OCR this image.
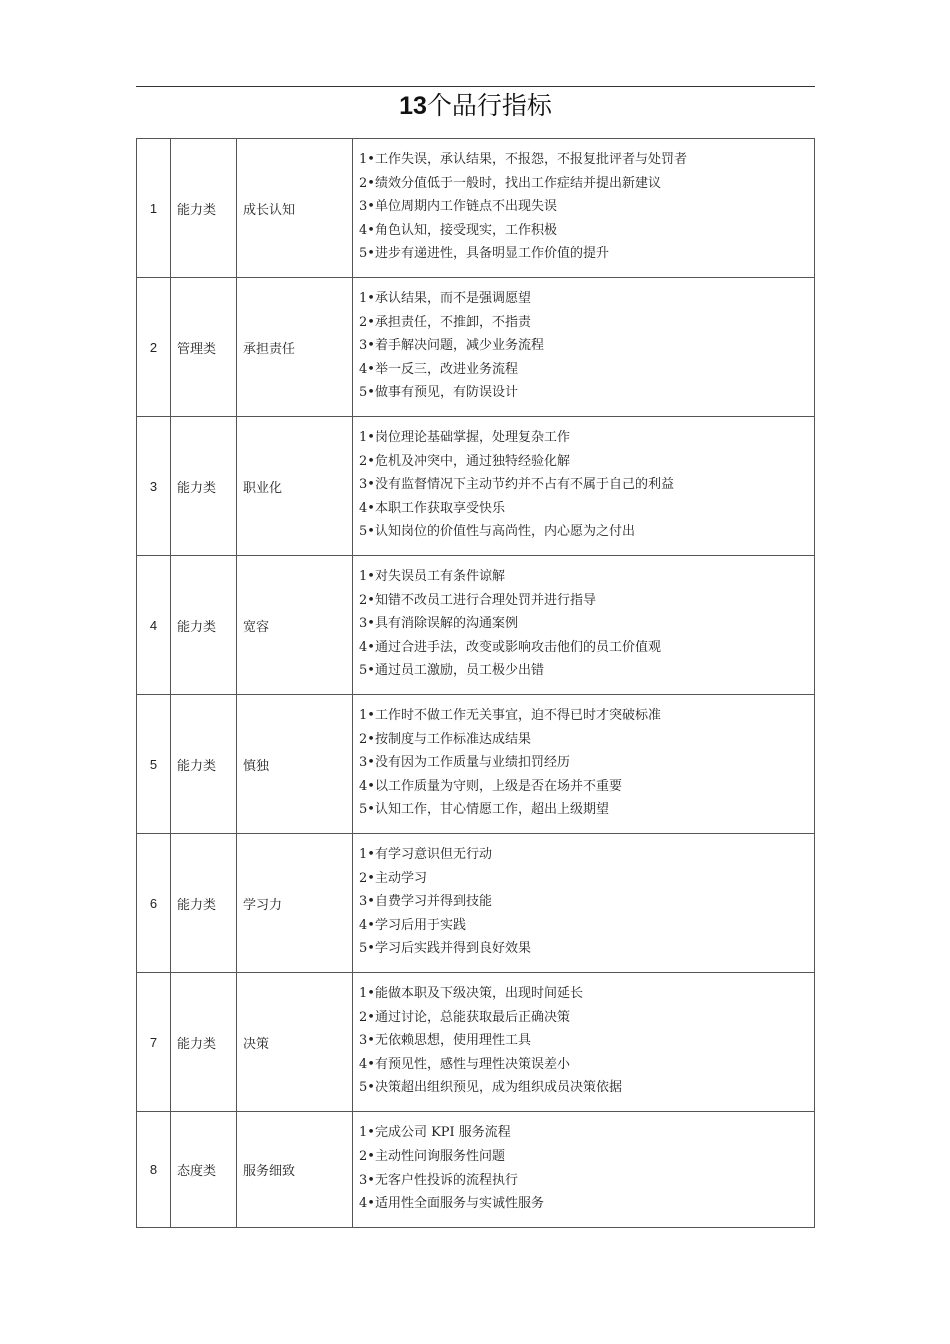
13个品行指标
1	能力类	成长认知	1•工作失误，承认结果，不报怨，不报复批评者与处罚者
2•绩效分值低于一般时，找出工作症结并提出新建议
3•单位周期内工作链点不出现失误
4•角色认知，接受现实，工作积极
5•进步有递进性，具备明显工作价值的提升

2	管理类	承担责任	1•承认结果，而不是强调愿望
2•承担责任，不推卸，不指责
3•着手解决问题，减少业务流程
4•举一反三，改进业务流程
5•做事有预见，有防误设计

3	能力类	职业化	1•岗位理论基础掌握，处理复杂工作
2•危机及冲突中，通过独特经验化解
3•没有监督情况下主动节约并不占有不属于自己的利益
4•本职工作获取享受快乐
5•认知岗位的价值性与高尚性，内心愿为之付出

4	能力类	宽容	1•对失误员工有条件谅解
2•知错不改员工进行合理处罚并进行指导
3•具有消除误解的沟通案例
4•通过合进手法，改变或影响攻击他们的员工价值观
5•通过员工激励，员工极少出错

5	能力类	慎独	1•工作时不做工作无关事宜，迫不得已时才突破标准
2•按制度与工作标准达成结果
3•没有因为工作质量与业绩扣罚经历
4•以工作质量为守则，上级是否在场并不重要
5•认知工作，甘心情愿工作，超出上级期望

6	能力类	学习力	1•有学习意识但无行动
2•主动学习
3•自费学习并得到技能
4•学习后用于实践
5•学习后实践并得到良好效果

7	能力类	决策	1•能做本职及下级决策，出现时间延长
2•通过讨论，总能获取最后正确决策
3•无依赖思想，使用理性工具
4•有预见性，感性与理性决策误差小
5•决策超出组织预见，成为组织成员决策依据

8	态度类	服务细致	1•完成公司 KPI 服务流程
2•主动性问询服务性问题
3•无客户性投诉的流程执行
4•适用性全面服务与实诚性服务
